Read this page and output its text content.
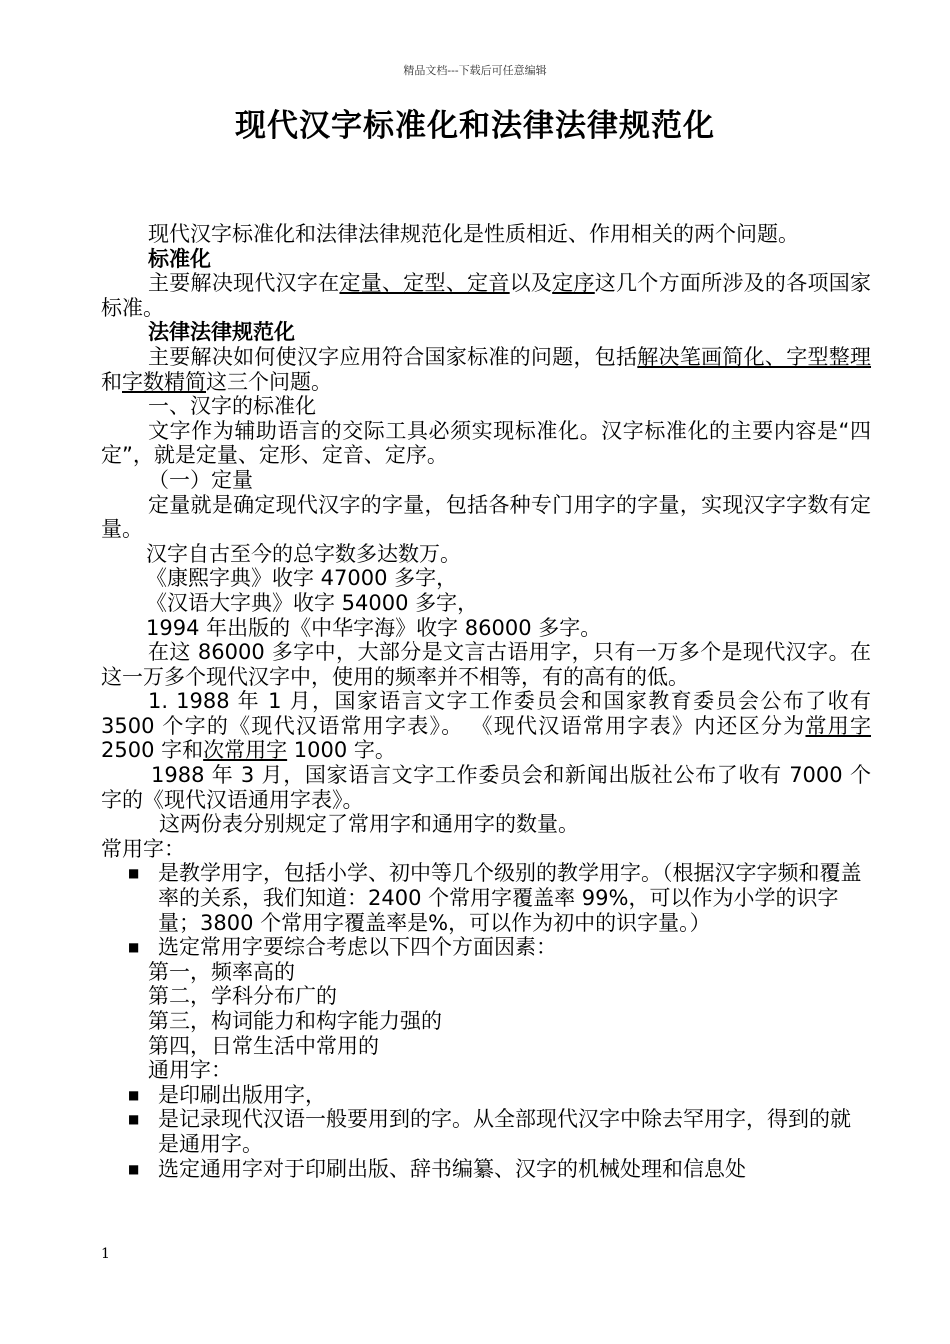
精品文档---下载后可任意编辑
现代汉字标准化和法律法律规范化

现代汉字标准化和法律法律规范化是性质相近、作用相关的两个问题。

标准化

主要解决现代汉字在定量、定型、定音以及定序这几个方面所涉及的各项国家标准。

法律法律规范化

主要解决如何使汉字应用符合国家标准的问题，包括解决笔画简化、字型整理和字数精简这三个问题。

一、汉字的标准化

文字作为辅助语言的交际工具必须实现标准化。汉字标准化的主要内容是“四定”，就是定量、定形、定音、定序。

（一）定量

定量就是确定现代汉字的字量，包括各种专门用字的字量，实现汉字字数有定量。

汉字自古至今的总字数多达数万。

《康熙字典》收字 47000 多字，

《汉语大字典》收字 54000 多字，

1994 年出版的《中华字海》收字 86000 多字。

在这 86000 多字中，大部分是文言古语用字，只有一万多个是现代汉字。在这一万多个现代汉字中，使用的频率并不相等，有的高有的低。

1. 1988 年 1 月，国家语言文字工作委员会和国家教育委员会公布了收有 3500 个字的《现代汉语常用字表》。 《现代汉语常用字表》内还区分为常用字 2500 字和次常用字 1000 字。

1988 年 3 月，国家语言文字工作委员会和新闻出版社公布了收有 7000 个字的《现代汉语通用字表》。

这两份表分别规定了常用字和通用字的数量。

常用字：

■ 是教学用字，包括小学、初中等几个级别的教学用字。（根据汉字字频和覆盖率的关系，我们知道：2400 个常用字覆盖率 99%，可以作为小学的识字量；3800 个常用字覆盖率是%，可以作为初中的识字量。）
■ 选定常用字要综合考虑以下四个方面因素：

第一，频率高的

第二，学科分布广的

第三，构词能力和构字能力强的

第四，日常生活中常用的

通用字：

■ 是印刷出版用字，
■ 是记录现代汉语一般要用到的字。从全部现代汉字中除去罕用字，得到的就是通用字。
■ 选定通用字对于印刷出版、辞书编纂、汉字的机械处理和信息处
1
